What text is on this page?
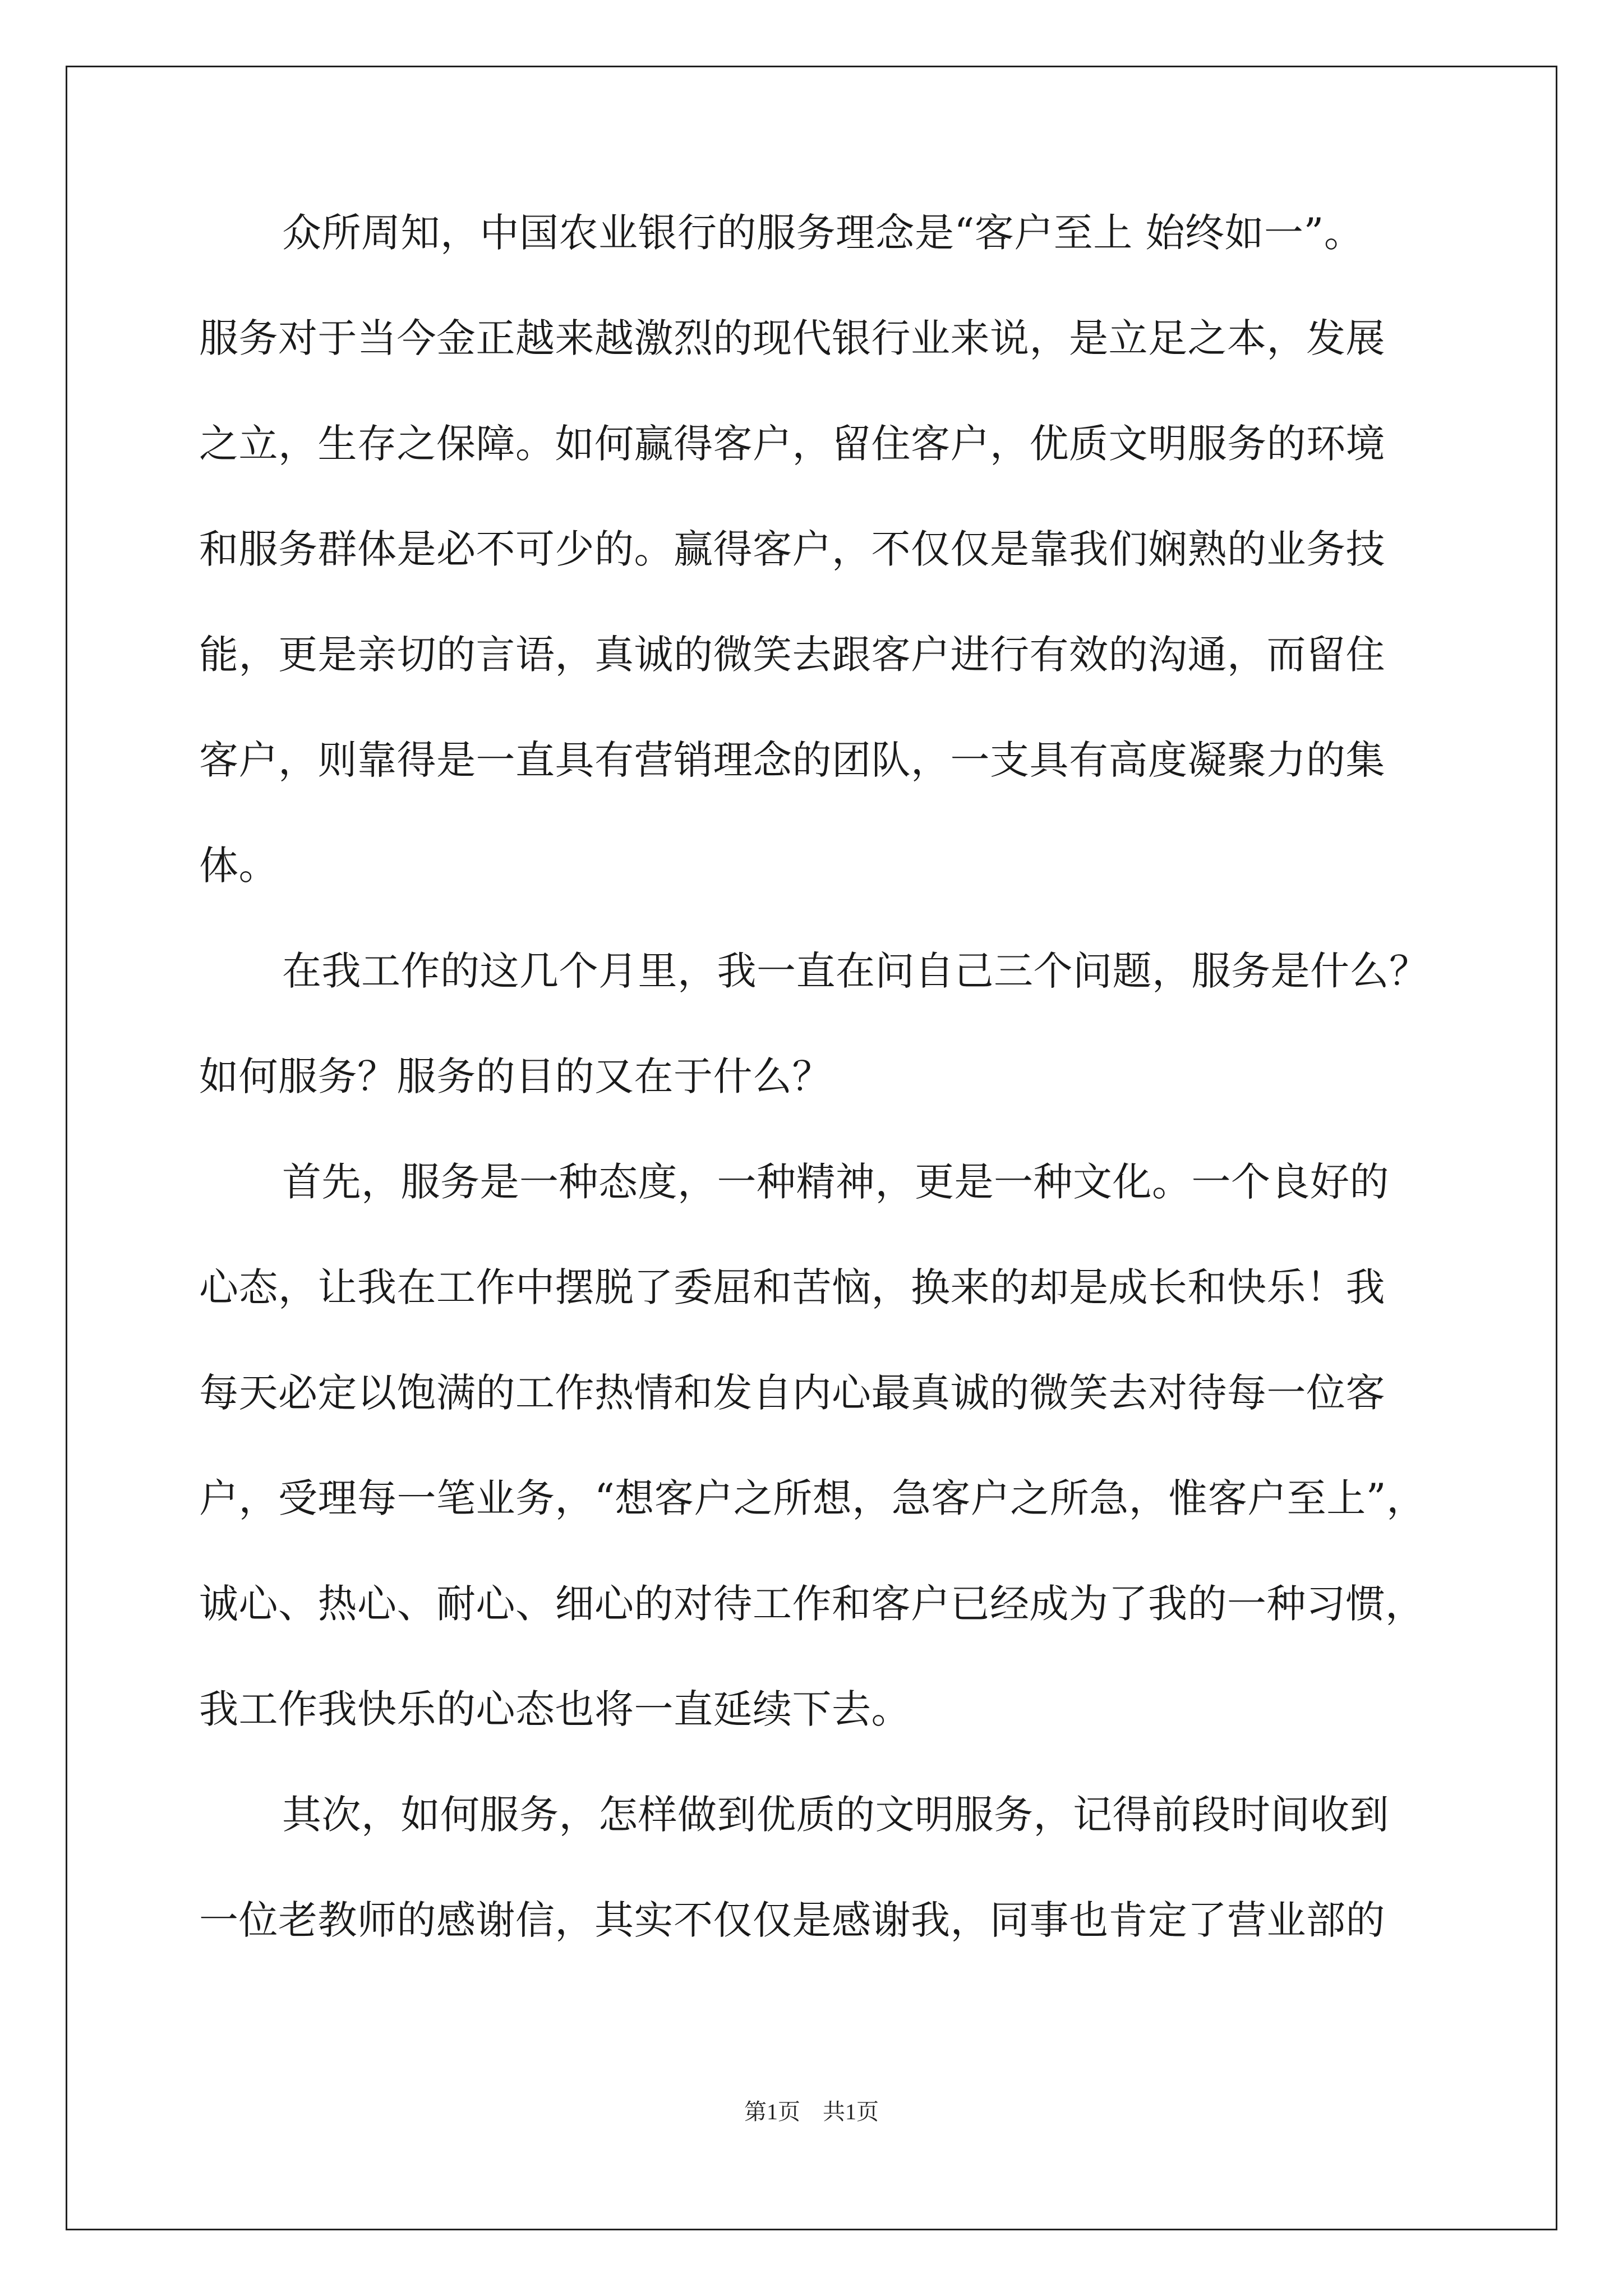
众所周知，中国农业银行的服务理念是“客户至上 始终如一”。
服务对于当今金正越来越激烈的现代银行业来说，是立足之本，发展
之立，生存之保障。如何赢得客户，留住客户，优质文明服务的环境
和服务群体是必不可少的。赢得客户，不仅仅是靠我们娴熟的业务技
能，更是亲切的言语，真诚的微笑去跟客户进行有效的沟通，而留住
客户，则靠得是一直具有营销理念的团队，一支具有高度凝聚力的集
体。
在我工作的这几个月里，我一直在问自己三个问题，服务是什么？
如何服务？服务的目的又在于什么？
首先，服务是一种态度，一种精神，更是一种文化。一个良好的
心态，让我在工作中摆脱了委屈和苦恼，换来的却是成长和快乐！我
每天必定以饱满的工作热情和发自内心最真诚的微笑去对待每一位客
户，受理每一笔业务，“想客户之所想，急客户之所急，惟客户至上”，
诚心、热心、耐心、细心的对待工作和客户已经成为了我的一种习惯，
我工作我快乐的心态也将一直延续下去。
其次，如何服务，怎样做到优质的文明服务，记得前段时间收到
一位老教师的感谢信，其实不仅仅是感谢我，同事也肯定了营业部的
第1页　共1页
